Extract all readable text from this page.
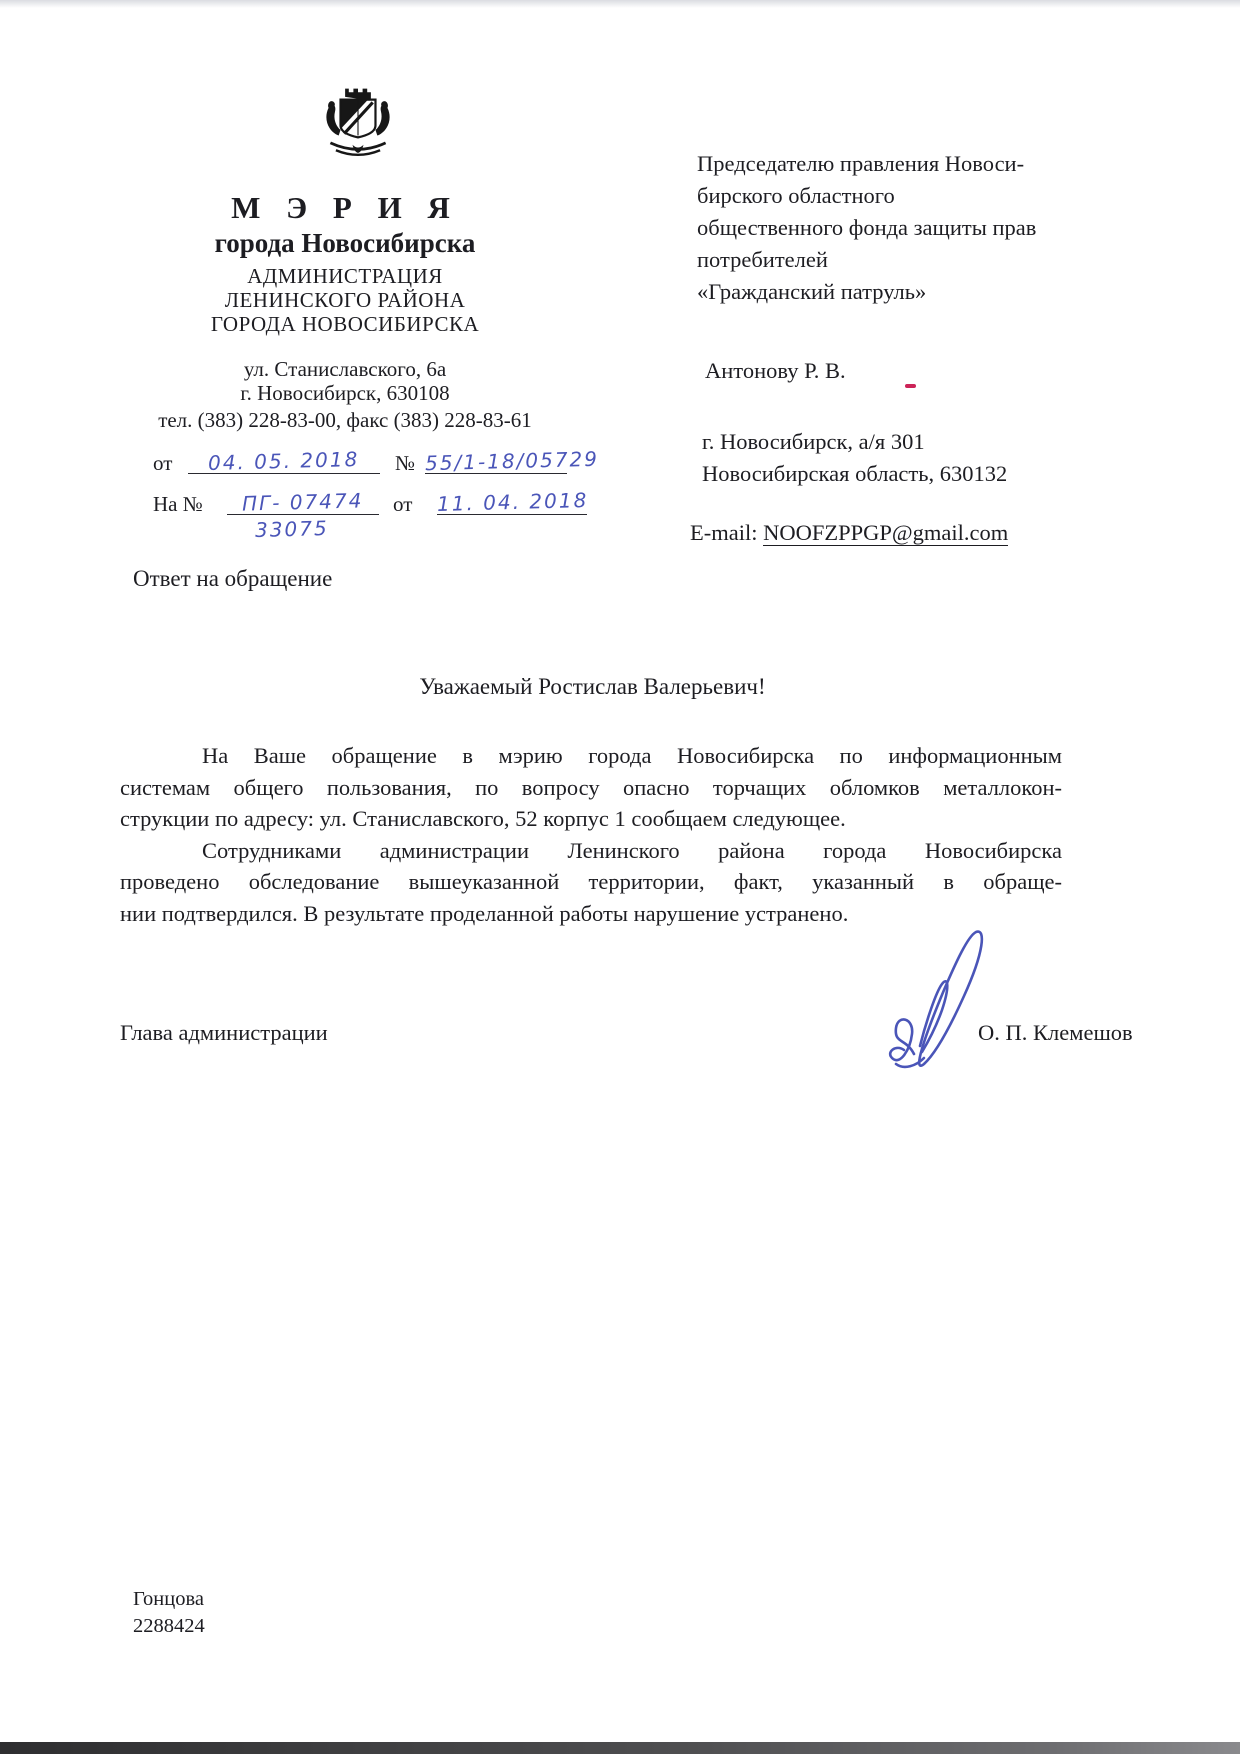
М Э Р И Я
города Новосибирска
АДМИНИСТРАЦИЯ
ЛЕНИНСКОГО РАЙОНА
ГОРОДА НОВОСИБИРСКА
ул. Станиславского, 6а
г. Новосибирск, 630108
тел. (383) 228-83-00, факс (383) 228-83-61
от	04. 05. 2018	№ 55/1-18/05729
На №	ПГ- 07474	от 11. 04. 2018
33075
Ответ на обращение
Председателю правления Новоси-
бирского областного
общественного фонда защиты прав
потребителей
«Гражданский патруль»
Антонову Р. В.
г. Новосибирск, а/я 301
Новосибирская область, 630132
E-mail: NOOFZPPGP@gmail.com
Уважаемый Ростислав Валерьевич!
На Ваше обращение в мэрию города Новосибирска по информационным
системам общего пользования, по вопросу опасно торчащих обломков металлокон-
струкции по адресу: ул. Станиславского, 52 корпус 1 сообщаем следующее.
Сотрудниками администрации Ленинского района города Новосибирска
проведено обследование вышеуказанной территории, факт, указанный в обраще-
нии подтвердился. В результате проделанной работы нарушение устранено.
Глава администрации	О. П. Клемешов
Гонцова
2288424
